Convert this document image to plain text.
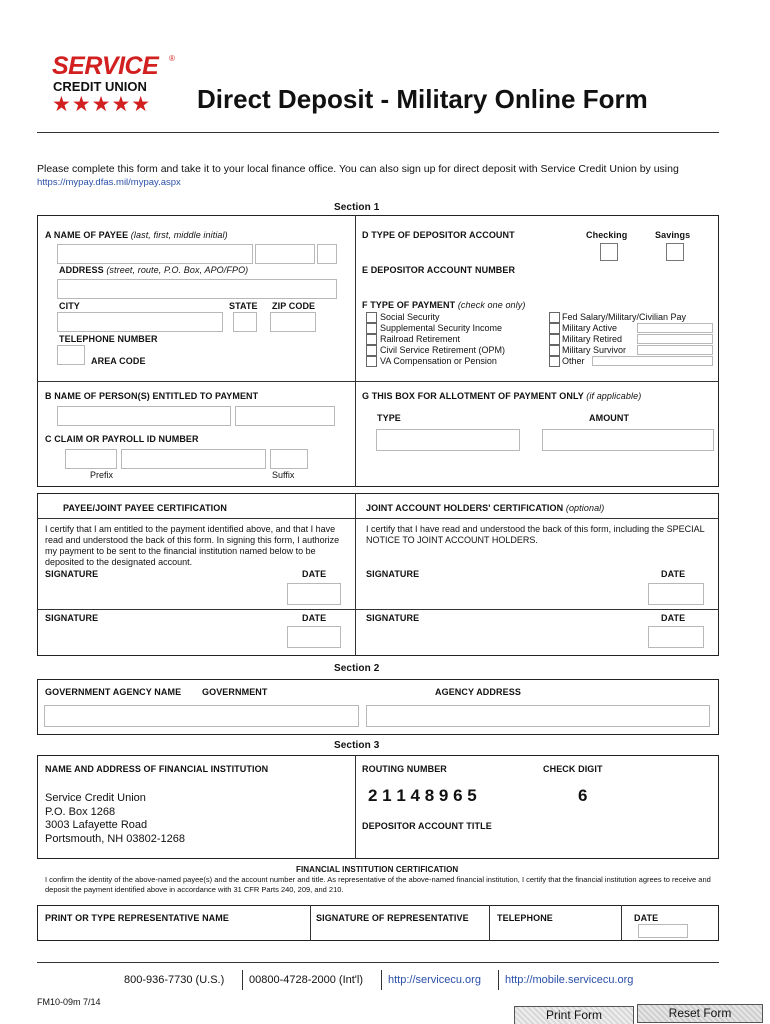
SERVICE ®
CREDIT UNION
★★★★★ Direct Deposit - Military Online Form
Please complete this form and take it to your local finance office. You can also sign up for direct deposit with Service Credit Union by using https://mypay.dfas.mil/mypay.aspx
Section 1
A NAME OF PAYEE (last, first, middle initial)
ADDRESS (street, route, P.O. Box, APO/FPO)
CITY	STATE ZIP CODE
TELEPHONE NUMBER
AREA CODE
B NAME OF PERSON(S) ENTITLED TO PAYMENT
C CLAIM OR PAYROLL ID NUMBER
Prefix	Suffix
D TYPE OF DEPOSITOR ACCOUNT	Checking	Savings
E DEPOSITOR ACCOUNT NUMBER
F TYPE OF PAYMENT (check one only)
Social Security
Supplemental Security Income
Railroad Retirement
Civil Service Retirement (OPM)
VA Compensation or Pension
Fed Salary/Military/Civilian Pay
Military Active
Military Retired
Military Survivor
Other
G THIS BOX FOR ALLOTMENT OF PAYMENT ONLY (if applicable)
TYPE	AMOUNT
PAYEE/JOINT PAYEE CERTIFICATION
I certify that I am entitled to the payment identified above, and that I have read and understood the back of this form. In signing this form, I authorize my payment to be sent to the financial institution named below to be deposited to the designated account.
SIGNATURE	DATE
SIGNATURE	DATE
JOINT ACCOUNT HOLDERS' CERTIFICATION (optional)
I certify that I have read and understood the back of this form, including the SPECIAL NOTICE TO JOINT ACCOUNT HOLDERS.
SIGNATURE	DATE
SIGNATURE	DATE
Section 2
GOVERNMENT AGENCY NAME GOVERNMENT	AGENCY ADDRESS
Section 3
NAME AND ADDRESS OF FINANCIAL INSTITUTION	ROUTING NUMBER	CHECK DIGIT
Service Credit Union
P.O. Box 1268
3003 Lafayette Road
Portsmouth, NH 03802-1268
2 1 1 4 8 9 6 5	6
DEPOSITOR ACCOUNT TITLE
FINANCIAL INSTITUTION CERTIFICATION
I confirm the identity of the above-named payee(s) and the account number and title. As representative of the above-named financial institution, I certify that the financial institution agrees to receive and deposit the payment identified above in accordance with 31 CFR Parts 240, 209, and 210.
PRINT OR TYPE REPRESENTATIVE NAME	SIGNATURE OF REPRESENTATIVE	TELEPHONE	DATE
800-936-7730 (U.S.) 00800-4728-2000 (Int'l) http://servicecu.org http://mobile.servicecu.org
FM10-09m 7/14
Print Form	Reset Form
